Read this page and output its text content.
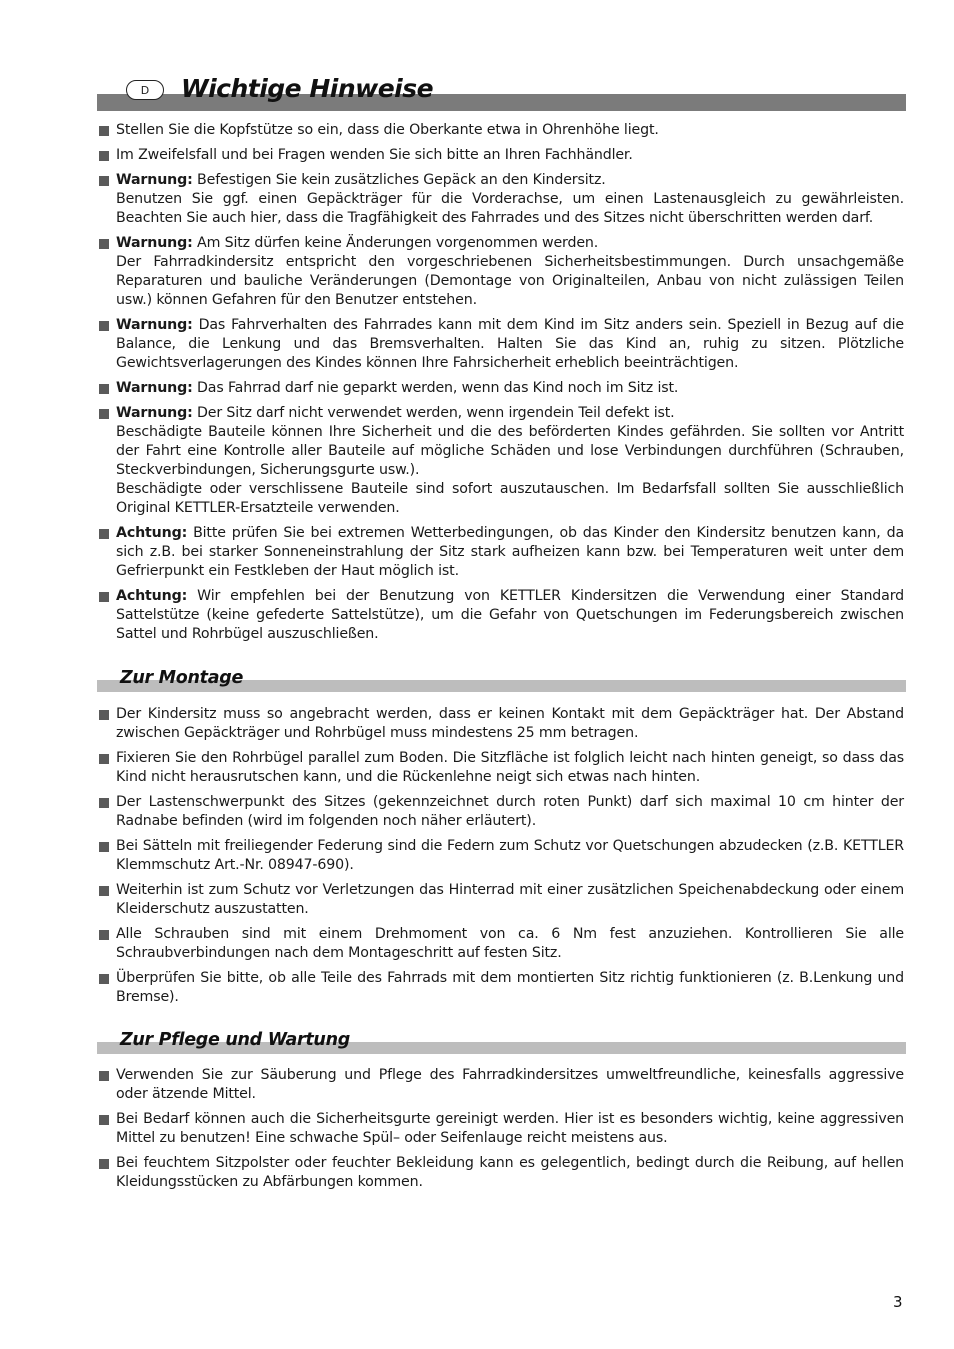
D	Wichtige Hinweise
Stellen Sie die Kopfstütze so ein, dass die Oberkante etwa in Ohrenhöhe liegt.
Im Zweifelsfall und bei Fragen wenden Sie sich bitte an Ihren Fachhändler.
Warnung: Befestigen Sie kein zusätzliches Gepäck an den Kindersitz.
Benutzen Sie ggf. einen Gepäckträger für die Vorderachse, um einen Lastenausgleich zu gewährleisten. Beachten Sie auch hier, dass die Tragfähigkeit des Fahrrades und des Sitzes nicht überschritten werden darf.
Warnung: Am Sitz dürfen keine Änderungen vorgenommen werden.
Der Fahrradkindersitz entspricht den vorgeschriebenen Sicherheitsbestimmungen. Durch unsachgemäße Reparaturen und bauliche Veränderungen (Demontage von Originalteilen, Anbau von nicht zulässigen Teilen usw.) können Gefahren für den Benutzer entstehen.
Warnung: Das Fahrverhalten des Fahrrades kann mit dem Kind im Sitz anders sein. Speziell in Bezug auf die Balance, die Lenkung und das Bremsverhalten. Halten Sie das Kind an, ruhig zu sitzen. Plötzliche Gewichtsverlagerungen des Kindes können Ihre Fahrsicherheit erheblich beeinträchtigen.
Warnung: Das Fahrrad darf nie geparkt werden, wenn das Kind noch im Sitz ist.
Warnung: Der Sitz darf nicht verwendet werden, wenn irgendein Teil defekt ist.
Beschädigte Bauteile können Ihre Sicherheit und die des beförderten Kindes gefährden. Sie sollten vor Antritt der Fahrt eine Kontrolle aller Bauteile auf mögliche Schäden und lose Verbindungen durchführen (Schrauben, Steckverbindungen, Sicherungsgurte usw.).
Beschädigte oder verschlissene Bauteile sind sofort auszutauschen. Im Bedarfsfall sollten Sie ausschließlich Original KETTLER-Ersatzteile verwenden.
Achtung: Bitte prüfen Sie bei extremen Wetterbedingungen, ob das Kinder den Kindersitz benutzen kann, da sich z.B. bei starker Sonneneinstrahlung der Sitz stark aufheizen kann bzw. bei Temperaturen weit unter dem Gefrierpunkt ein Festkleben der Haut möglich ist.
Achtung: Wir empfehlen bei der Benutzung von KETTLER Kindersitzen die Verwendung einer Standard Sattelstütze (keine gefederte Sattelstütze), um die Gefahr von Quetschungen im Federungsbereich zwischen Sattel und Rohrbügel auszuschließen.
Zur Montage
Der Kindersitz muss so angebracht werden, dass er keinen Kontakt mit dem Gepäckträger hat. Der Abstand zwischen Gepäckträger und Rohrbügel muss mindestens 25 mm betragen.
Fixieren Sie den Rohrbügel parallel zum Boden. Die Sitzfläche ist folglich leicht nach hinten geneigt, so dass das Kind nicht herausrutschen kann, und die Rückenlehne neigt sich etwas nach hinten.
Der Lastenschwerpunkt des Sitzes (gekennzeichnet durch roten Punkt) darf sich maximal 10 cm hinter der Radnabe befinden (wird im folgenden noch näher erläutert).
Bei Sätteln mit freiliegender Federung sind die Federn zum Schutz vor Quetschungen abzudecken (z.B. KETTLER Klemmschutz Art.-Nr. 08947-690).
Weiterhin ist zum Schutz vor Verletzungen das Hinterrad mit einer zusätzlichen Speichenabdeckung oder einem Kleiderschutz auszustatten.
Alle Schrauben sind mit einem Drehmoment von ca. 6 Nm fest anzuziehen. Kontrollieren Sie alle Schraubverbindungen nach dem Montageschritt auf festen Sitz.
Überprüfen Sie bitte, ob alle Teile des Fahrrads mit dem montierten Sitz richtig funktionieren (z. B.Lenkung und Bremse).
Zur Pflege und Wartung
Verwenden Sie zur Säuberung und Pflege des Fahrradkindersitzes umweltfreundliche, keinesfalls aggressive oder ätzende Mittel.
Bei Bedarf können auch die Sicherheitsgurte gereinigt werden. Hier ist es besonders wichtig, keine aggressiven Mittel zu benutzen! Eine schwache Spül– oder Seifenlauge reicht meistens aus.
Bei feuchtem Sitzpolster oder feuchter Bekleidung kann es gelegentlich, bedingt durch die Reibung, auf hellen Kleidungsstücken zu Abfärbungen kommen.
3
